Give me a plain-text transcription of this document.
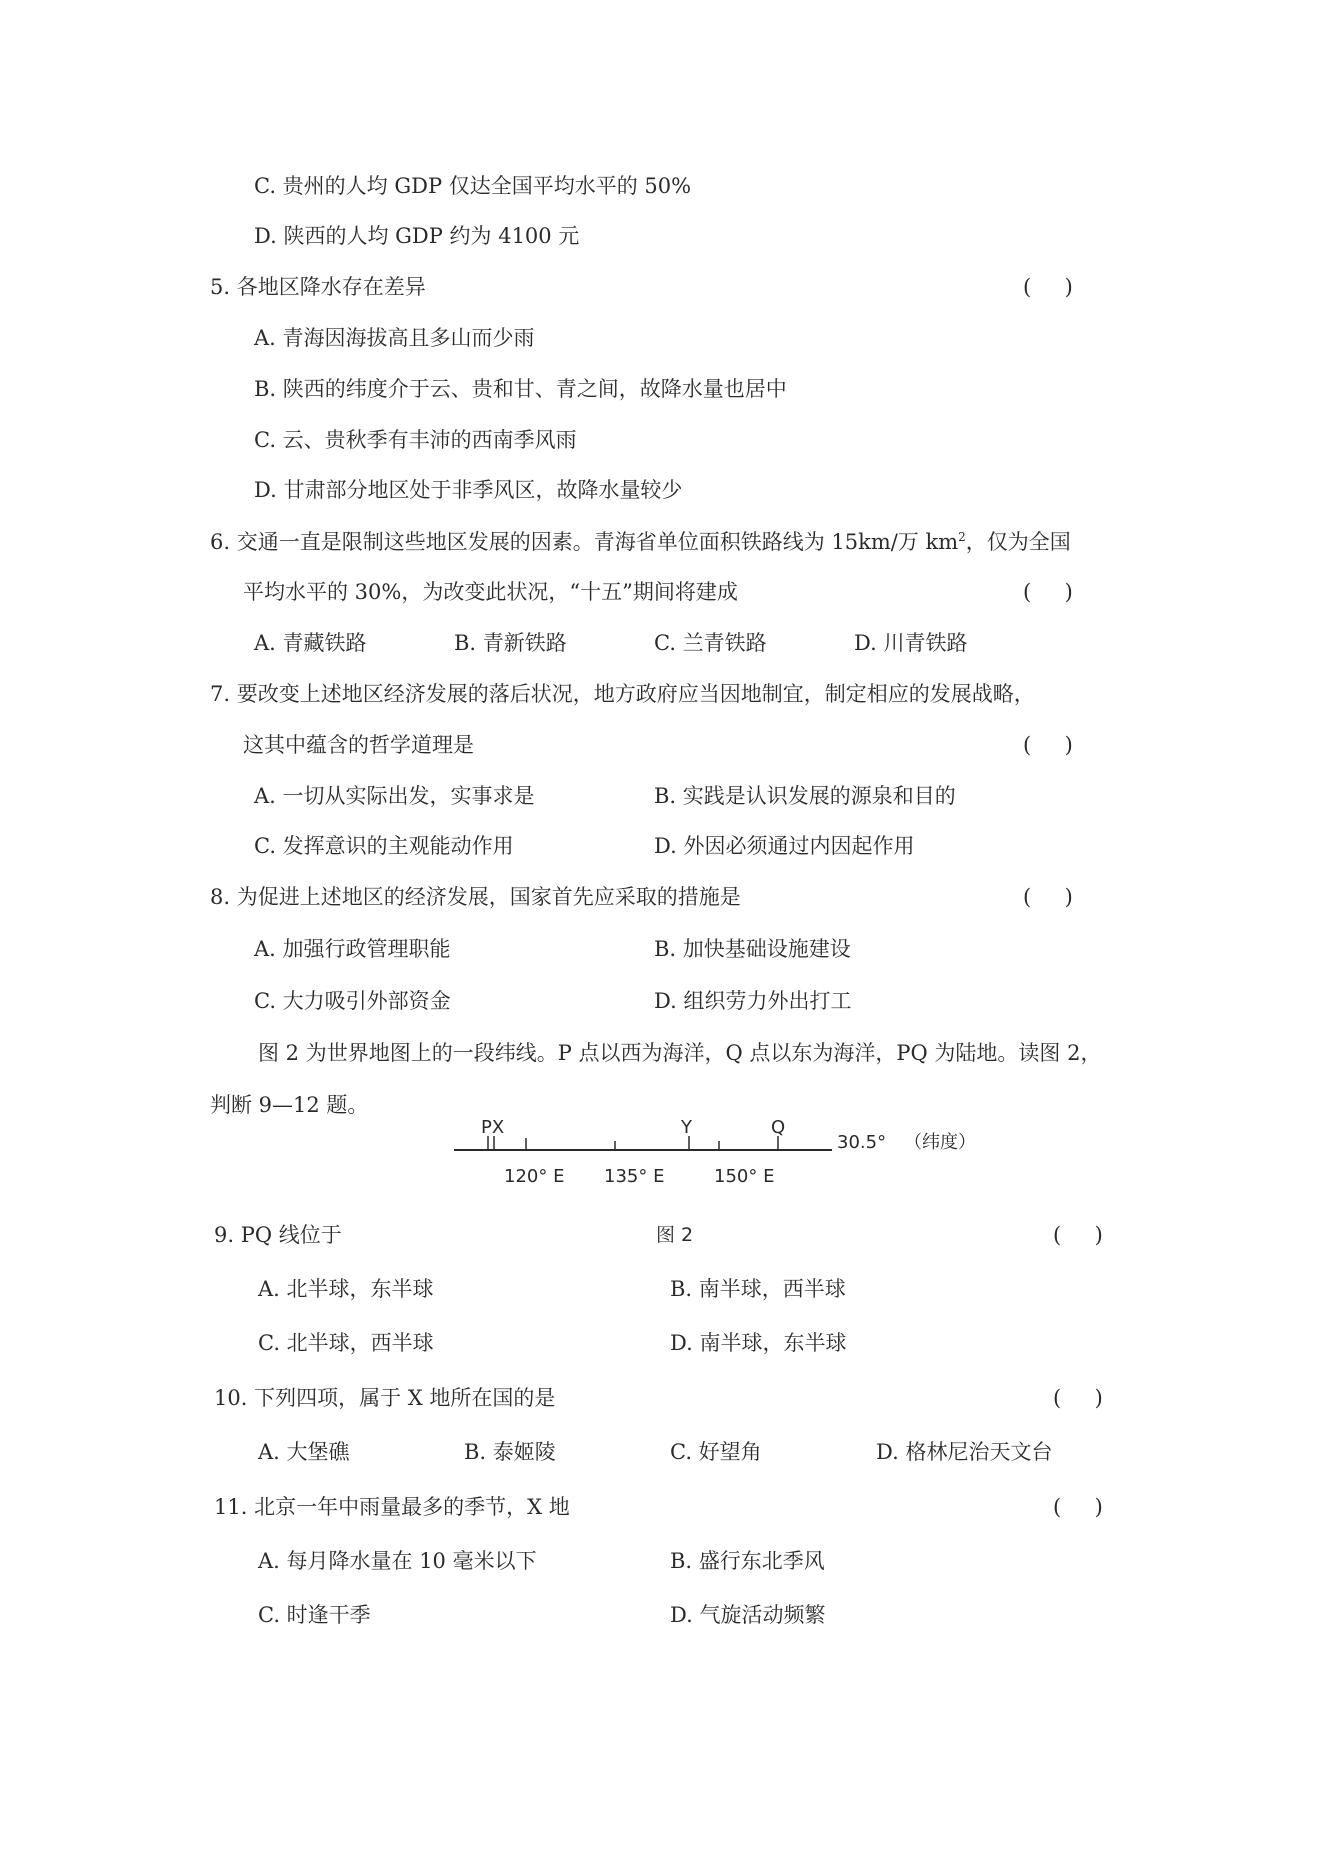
C. 贵州的人均 GDP 仅达全国平均水平的 50%
D. 陕西的人均 GDP 约为 4100 元
5. 各地区降水存在差异	(     )
A. 青海因海拔高且多山而少雨
B. 陕西的纬度介于云、贵和甘、青之间，故降水量也居中
C. 云、贵秋季有丰沛的西南季风雨
D. 甘肃部分地区处于非季风区，故降水量较少
6. 交通一直是限制这些地区发展的因素。青海省单位面积铁路线为 15km/万 $km^2$，仅为全国
平均水平的 30%，为改变此状况，“十五”期间将建成	(     )
A. 青藏铁路	B. 青新铁路	C. 兰青铁路	D. 川青铁路
7. 要改变上述地区经济发展的落后状况，地方政府应当因地制宜，制定相应的发展战略，
这其中蕴含的哲学道理是	(     )
A. 一切从实际出发，实事求是	B. 实践是认识发展的源泉和目的
C. 发挥意识的主观能动作用	D. 外因必须通过内因起作用
8. 为促进上述地区的经济发展，国家首先应采取的措施是	(     )
A. 加强行政管理职能	B. 加快基础设施建设
C. 大力吸引外部资金	D. 组织劳力外出打工
图 2 为世界地图上的一段纬线。P 点以西为海洋，Q 点以东为海洋，PQ 为陆地。读图 2，
判断 9—12 题。
PX	Y	Q
30.5° （纬度）
120° E 135° E	150° E
图 2
9. PQ 线位于	(     )
A. 北半球，东半球	B. 南半球，西半球
C. 北半球，西半球	D. 南半球，东半球
10. 下列四项，属于 X 地所在国的是	(     )
A. 大堡礁	B. 泰姬陵	C. 好望角	D. 格林尼治天文台
11. 北京一年中雨量最多的季节，X 地	(     )
A. 每月降水量在 10 毫米以下	B. 盛行东北季风
C. 时逢干季	D. 气旋活动频繁
